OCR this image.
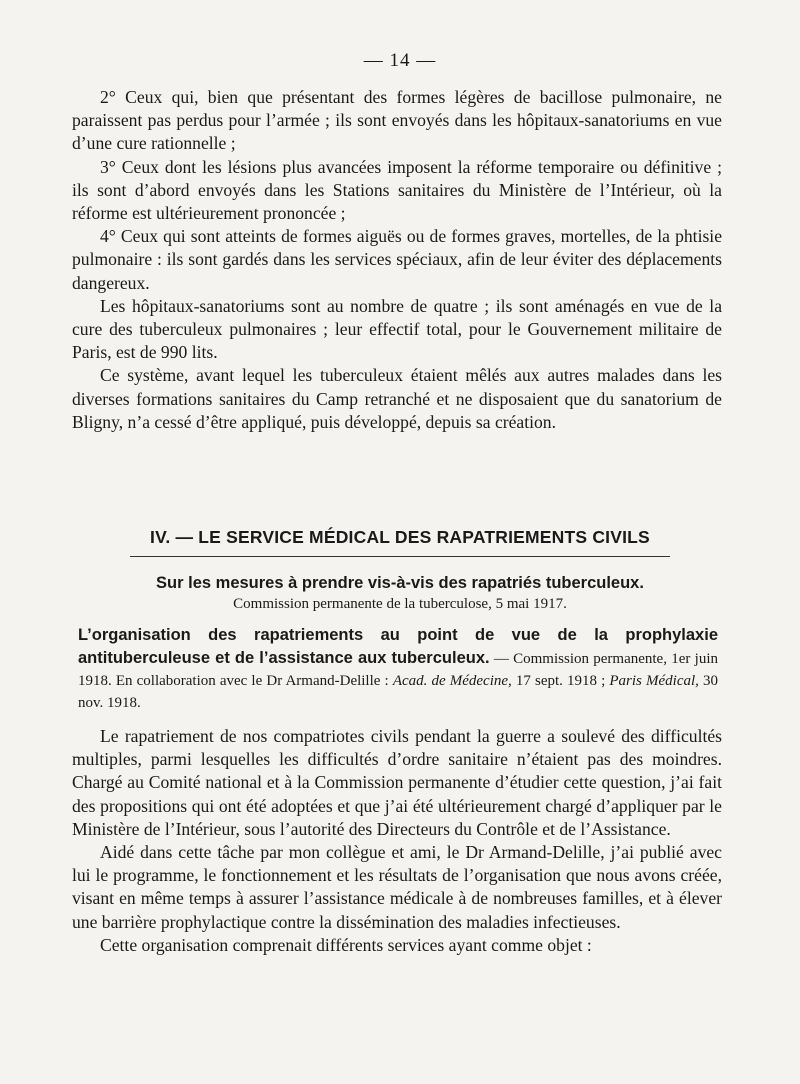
— 14 —

2° Ceux qui, bien que présentant des formes légères de bacillose pulmonaire, ne paraissent pas perdus pour l’armée ; ils sont envoyés dans les hôpitaux-sanatoriums en vue d’une cure rationnelle ;

3° Ceux dont les lésions plus avancées imposent la réforme temporaire ou définitive ; ils sont d’abord envoyés dans les Stations sanitaires du Ministère de l’Intérieur, où la réforme est ultérieurement prononcée ;

4° Ceux qui sont atteints de formes aiguës ou de formes graves, mortelles, de la phtisie pulmonaire : ils sont gardés dans les services spéciaux, afin de leur éviter des déplacements dangereux.

Les hôpitaux-sanatoriums sont au nombre de quatre ; ils sont aménagés en vue de la cure des tuberculeux pulmonaires ; leur effectif total, pour le Gouvernement militaire de Paris, est de 990 lits.

Ce système, avant lequel les tuberculeux étaient mêlés aux autres malades dans les diverses formations sanitaires du Camp retranché et ne disposaient que du sanatorium de Bligny, n’a cessé d’être appliqué, puis développé, depuis sa création.

IV. — LE SERVICE MÉDICAL DES RAPATRIEMENTS CIVILS
Sur les mesures à prendre vis-à-vis des rapatriés tuberculeux.
Commission permanente de la tuberculose, 5 mai 1917.
L’organisation des rapatriements au point de vue de la prophylaxie antituberculeuse et de l’assistance aux tuberculeux. — Commission permanente, 1er juin 1918. En collaboration avec le Dr Armand-Delille : Acad. de Médecine, 17 sept. 1918 ; Paris Médical, 30 nov. 1918.

Le rapatriement de nos compatriotes civils pendant la guerre a soulevé des difficultés multiples, parmi lesquelles les difficultés d’ordre sanitaire n’étaient pas des moindres. Chargé au Comité national et à la Commission permanente d’étudier cette question, j’ai fait des propositions qui ont été adoptées et que j’ai été ultérieurement chargé d’appliquer par le Ministère de l’Intérieur, sous l’autorité des Directeurs du Contrôle et de l’Assistance.

Aidé dans cette tâche par mon collègue et ami, le Dr Armand-Delille, j’ai publié avec lui le programme, le fonctionnement et les résultats de l’organisation que nous avons créée, visant en même temps à assurer l’assistance médicale à de nombreuses familles, et à élever une barrière prophylactique contre la dissémination des maladies infectieuses.

Cette organisation comprenait différents services ayant comme objet :
